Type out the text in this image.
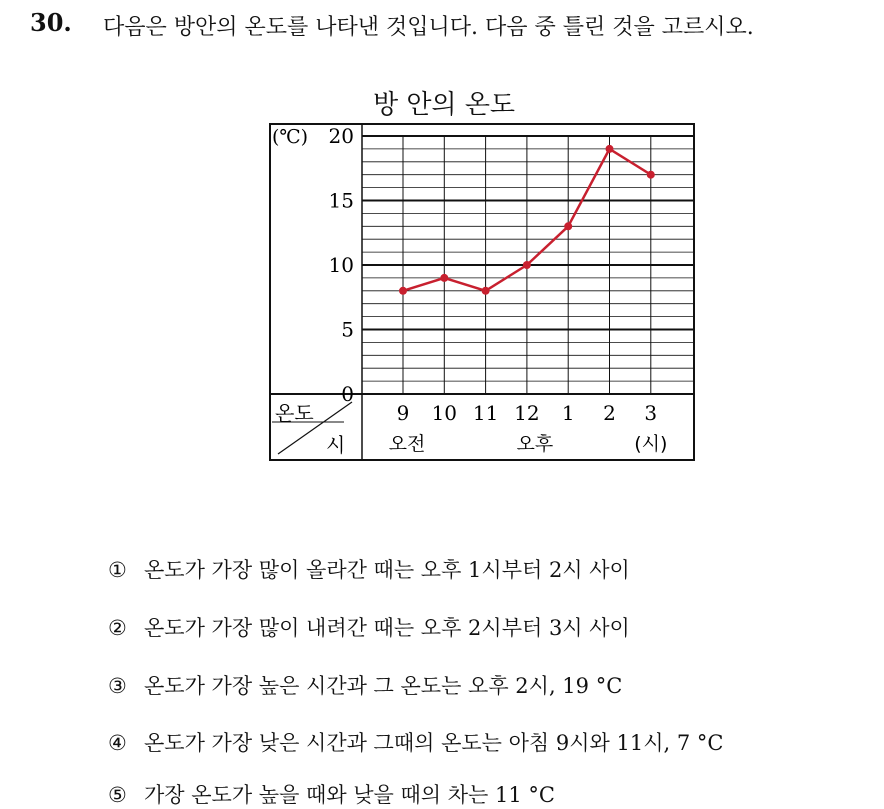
30. 다음은 방안의 온도를 나타낸 것입니다. 다음 중 틀린 것을 고르시오.
방 안의 온도
0
5
10
15
20
(℃)
온도
시
9 10 11 12 1 2 3
오전	오후	(시)
① 온도가 가장 많이 올라간 때는 오후 1시부터 2시 사이
② 온도가 가장 많이 내려간 때는 오후 2시부터 3시 사이
③ 온도가 가장 높은 시간과 그 온도는 오후 2시, 19 °C
④ 온도가 가장 낮은 시간과 그때의 온도는 아침 9시와 11시, 7 °C
⑤ 가장 온도가 높을 때와 낮을 때의 차는 11 °C
